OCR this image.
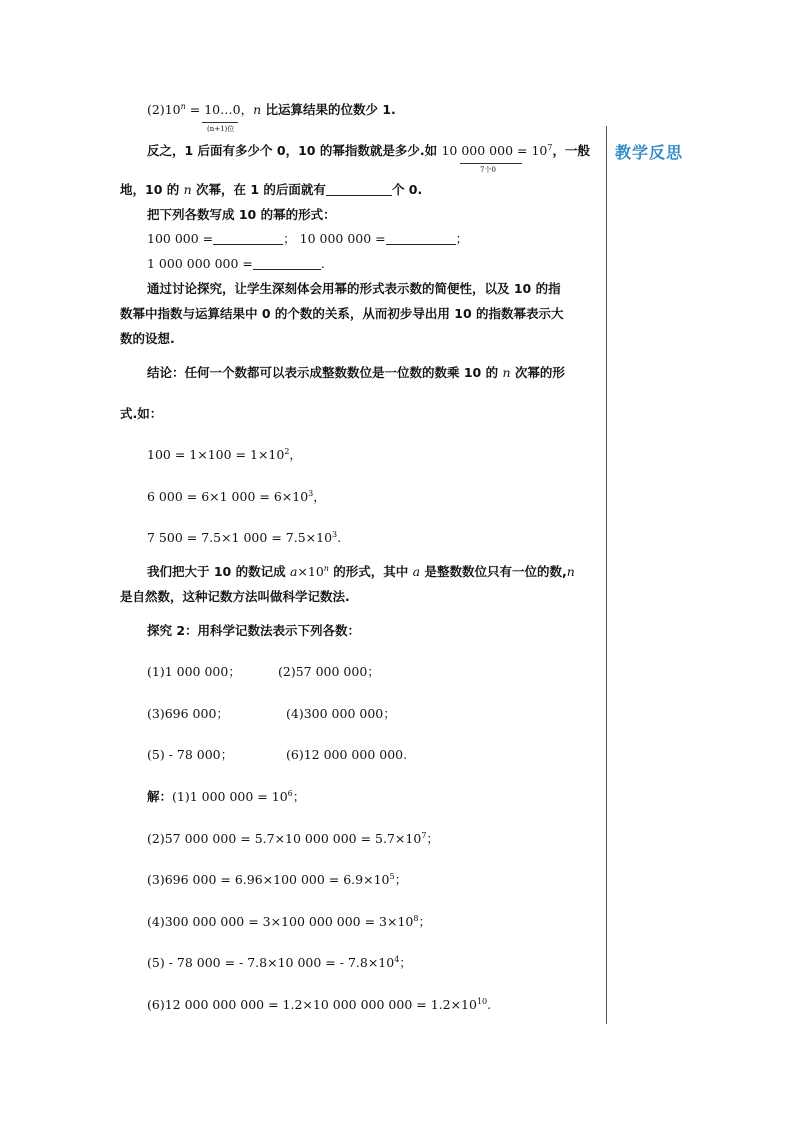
教学反思
$(2)10^n$ = 10…0，n 比运算结果的位数少 1.
(n+1)位
反之，1 后面有多少个 0，10 的幂指数就是多少.如 10 000 $000 = 10^7$，一般
7个0
地，10 的 n 次幂，在 1 的后面就有	个 0.
把下列各数写成 10 的幂的形式：
100 000 =	； 10 000 000 =	；
1 000 000 000 =	.
通过讨论探究，让学生深刻体会用幂的形式表示数的简便性，以及 10 的指
数幂中指数与运算结果中 0 的个数的关系，从而初步导出用 10 的指数幂表示大
数的设想.
结论：任何一个数都可以表示成整数数位是一位数的数乘 10 的 n 次幂的形
式.如：
$100 = 1\times 100 = 1\times 10^2$，
6 000 = 6×1 $000 = 6\times 10^3$，
7 500 = 7.5×1 $000 = 7.5\times 10^3$.
我们把大于 10 的数记成 $a\times 10^n$ 的形式，其中 a 是整数数位只有一位的数,n
是自然数，这种记数方法叫做科学记数法.
探究 2：用科学记数法表示下列各数：
(1)1 000 000；	(2)57 000 000；
(3)696 000；	(4)300 000 000；
(5) - 78 000；	(6)12 000 000 000.
解：(1)1 000 $000 = 10^6$；
(2)57 000 000 = 5.7×10 000 $000 = 5.7\times 10^7$；
(3)696 000 = 6.96×100 $000 = 6.9\times 10^5$；
(4)300 000 000 = 3×100 000 $000 = 3\times 10^8$；
(5) - 78 000 = - 7.8×10 000 = - $7.8\times 10^4$；
(6)12 000 000 000 = 1.2×10 000 000 $000 = 1.2\times 10^{10}$.
